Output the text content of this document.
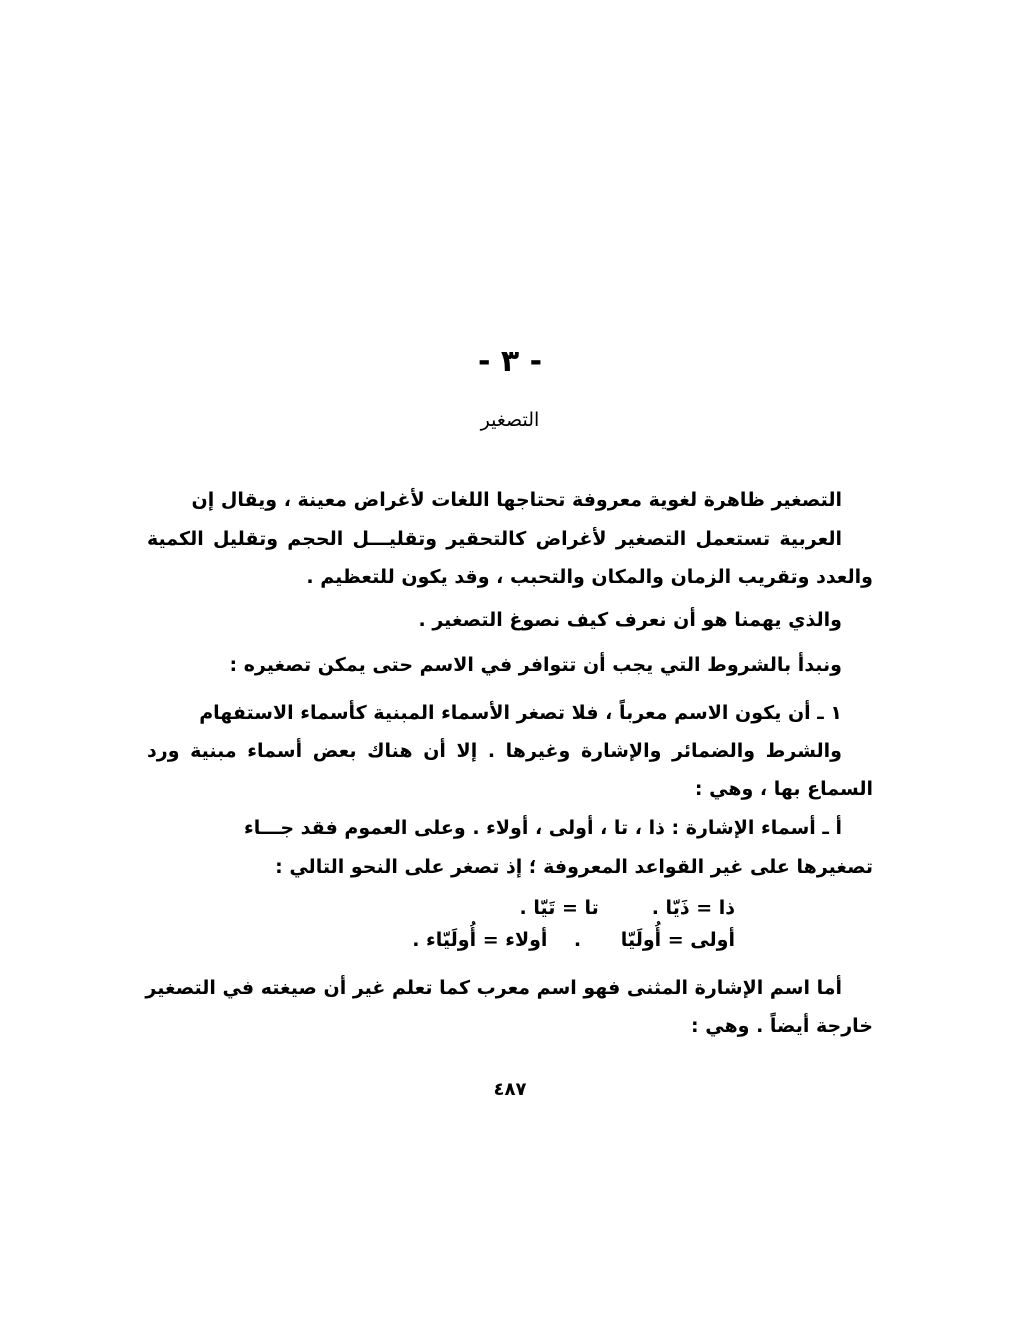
- ٣ -
التصغير
التصغير ظاهرة لغوية معروفة تحتاجها اللغات لأغراض معينة ، ويقال إن
العربية تستعمل التصغير لأغراض كالتحقير وتقليـــل الحجم وتقليل الكمية
والعدد وتقريب الزمان والمكان والتحبب ، وقد يكون للتعظيم .
والذي يهمنا هو أن نعرف كيف نصوغ التصغير .
ونبدأ بالشروط التي يجب أن تتوافر في الاسم حتى يمكن تصغيره :
١ ـ أن يكون الاسم معرباً ، فلا تصغر الأسماء المبنية كأسماء الاستفهام
والشرط والضمائر والإشارة وغيرها . إلا أن هناك بعض أسماء مبنية ورد
السماع بها ، وهي :
أ ـ أسماء الإشارة : ذا ، تا ، أولى ، أولاء . وعلى العموم فقد جـــاء
تصغيرها على غير القواعد المعروفة ؛ إذ تصغر على النحو التالي :
ذا = ذَيّا .        تا = تَيّا .
أولى = أُولَيّا      .    أولاء = أُولَيّاء .
أما اسم الإشارة المثنى فهو اسم معرب كما تعلم غير أن صيغته في التصغير
خارجة أيضاً . وهي :
٤٨٧
